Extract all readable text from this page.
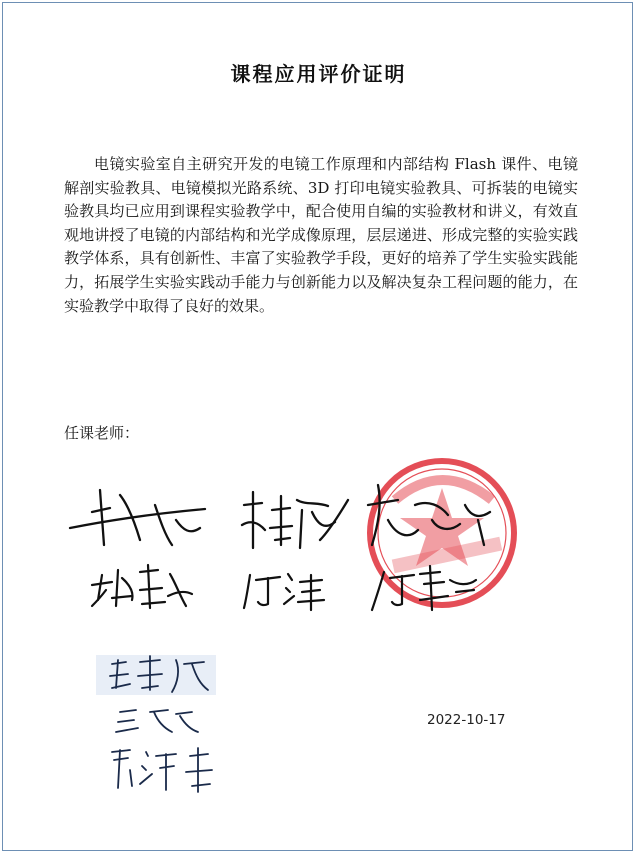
课程应用评价证明
电镜实验室自主研究开发的电镜工作原理和内部结构 Flash 课件、电镜解剖实验教具、电镜模拟光路系统、3D 打印电镜实验教具、可拆装的电镜实验教具均已应用到课程实验教学中，配合使用自编的实验教材和讲义，有效直观地讲授了电镜的内部结构和光学成像原理，层层递进、形成完整的实验实践教学体系，具有创新性、丰富了实验教学手段，更好的培养了学生实验实践能力，拓展学生实验实践动手能力与创新能力以及解决复杂工程问题的能力，在实验教学中取得了良好的效果。
任课老师：
2022-10-17
